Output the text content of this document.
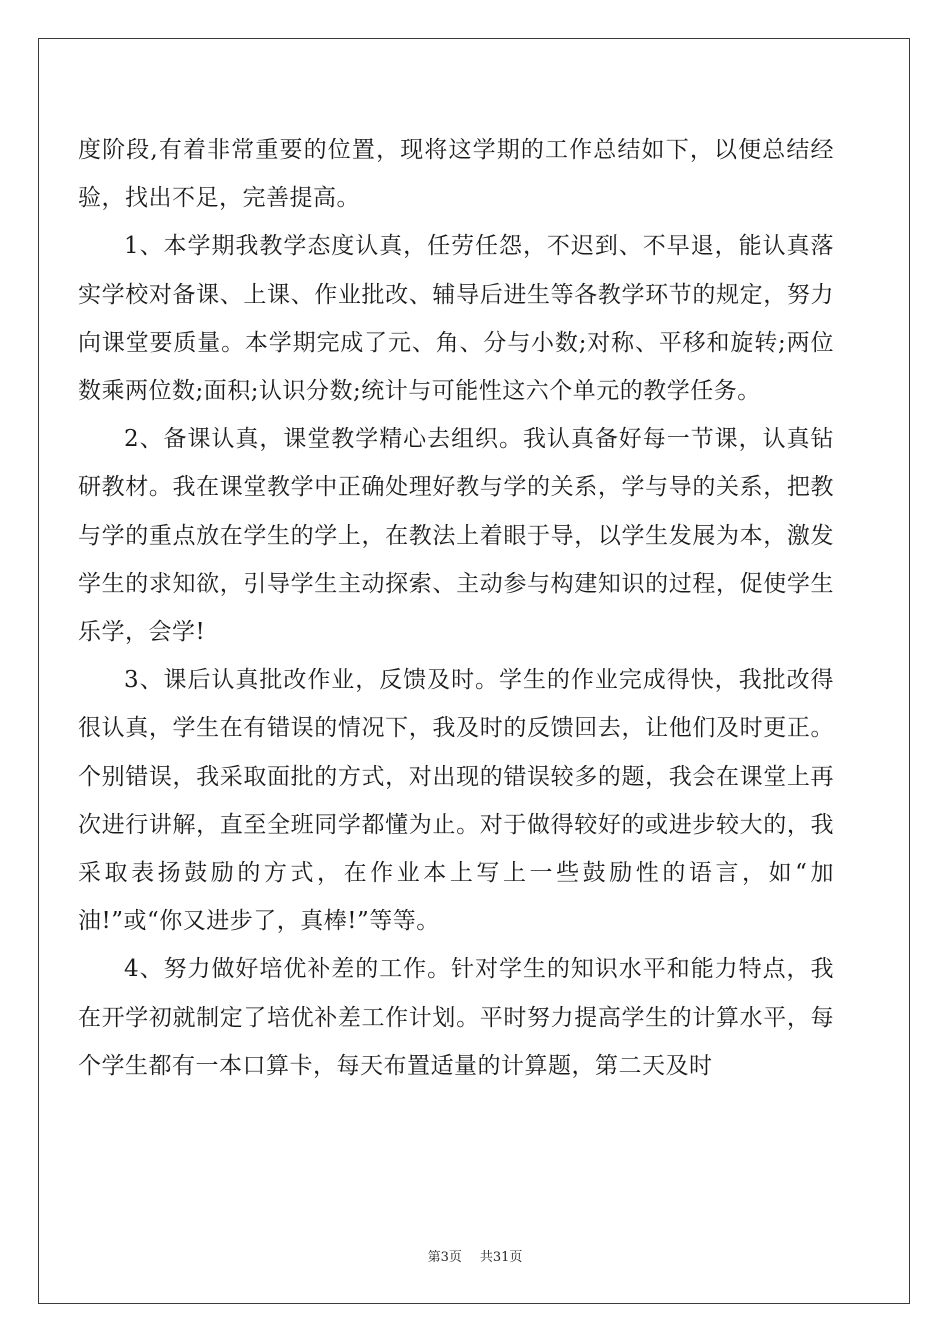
度阶段,有着非常重要的位置，现将这学期的工作总结如下，以便总结经验，找出不足，完善提高。

1、本学期我教学态度认真，任劳任怨，不迟到、不早退，能认真落实学校对备课、上课、作业批改、辅导后进生等各教学环节的规定，努力向课堂要质量。本学期完成了元、角、分与小数;对称、平移和旋转;两位数乘两位数;面积;认识分数;统计与可能性这六个单元的教学任务。

2、备课认真，课堂教学精心去组织。我认真备好每一节课，认真钻研教材。我在课堂教学中正确处理好教与学的关系，学与导的关系，把教与学的重点放在学生的学上，在教法上着眼于导，以学生发展为本，激发学生的求知欲，引导学生主动探索、主动参与构建知识的过程，促使学生乐学，会学!

3、课后认真批改作业，反馈及时。学生的作业完成得快，我批改得很认真，学生在有错误的情况下，我及时的反馈回去，让他们及时更正。个别错误，我采取面批的方式，对出现的错误较多的题，我会在课堂上再次进行讲解，直至全班同学都懂为止。对于做得较好的或进步较大的，我采取表扬鼓励的方式，在作业本上写上一些鼓励性的语言，如“加油!”或“你又进步了，真棒!”等等。

4、努力做好培优补差的工作。针对学生的知识水平和能力特点，我在开学初就制定了培优补差工作计划。平时努力提高学生的计算水平，每个学生都有一本口算卡，每天布置适量的计算题，第二天及时

第3页 共31页
